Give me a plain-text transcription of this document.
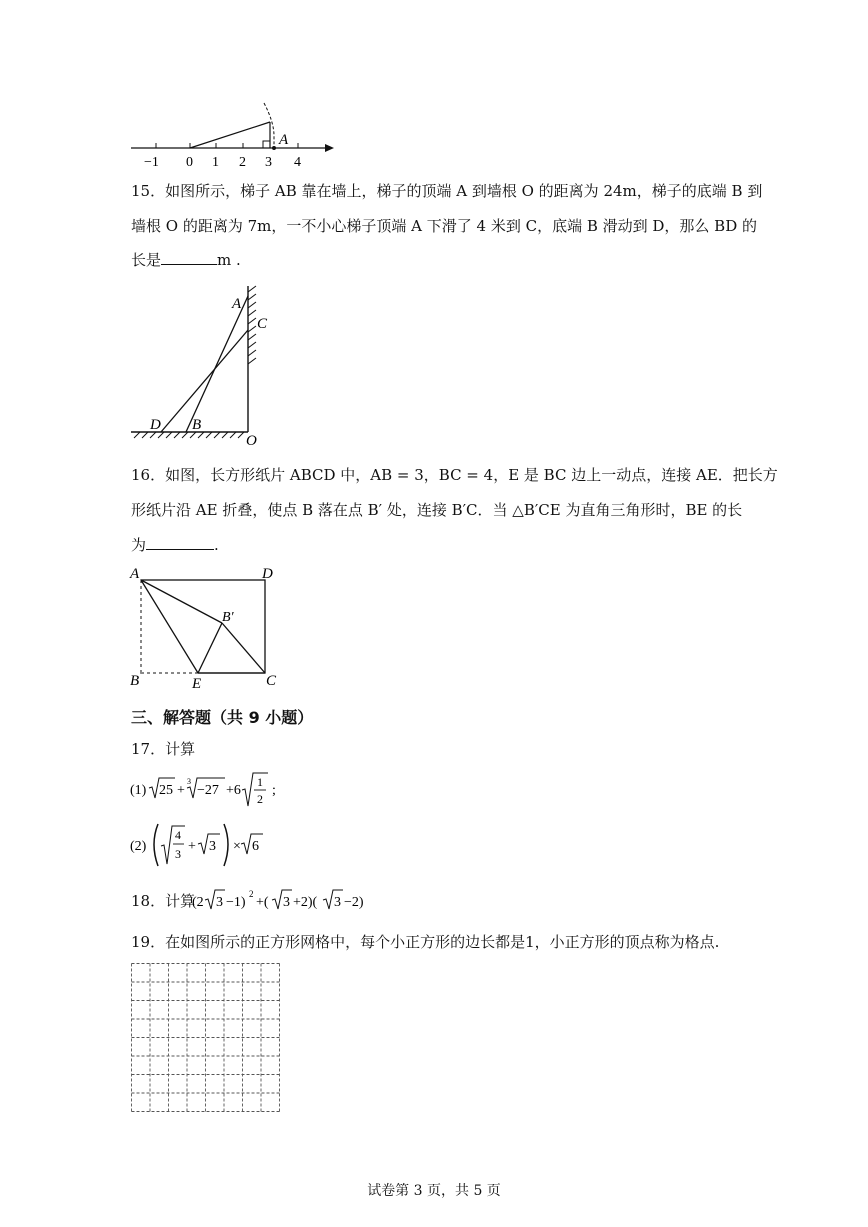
A
−1 0 1 2 3 4
15．如图所示，梯子 AB 靠在墙上，梯子的顶端 A 到墙根 O 的距离为 24m，梯子的底端 B 到
墙根 O 的距离为 7m，一不小心梯子顶端 A 下滑了 4 米到 C，底端 B 滑动到 D，那么 BD 的
长是	m .
A
C
D B
O
16．如图，长方形纸片 ABCD 中，AB = 3，BC = 4，E 是 BC 边上一动点，连接 AE．把长方
形纸片沿 AE 折叠，使点 B 落在点 B′ 处，连接 B′C．当 △B′CE 为直角三角形时，BE 的长
为	.
A	D
B′
B	E	C
三、解答题（共 9 小题）
17．计算
(1) 25 +
3
−27 +6
1
2
;
(2)
4
3 + 3 × 6
18．计算
(2 3 −1)
2
+( 3 +2)( 3 −2)
19．在如图所示的正方形网格中，每个小正方形的边长都是1，小正方形的顶点称为格点.
试卷第 3 页，共 5 页
